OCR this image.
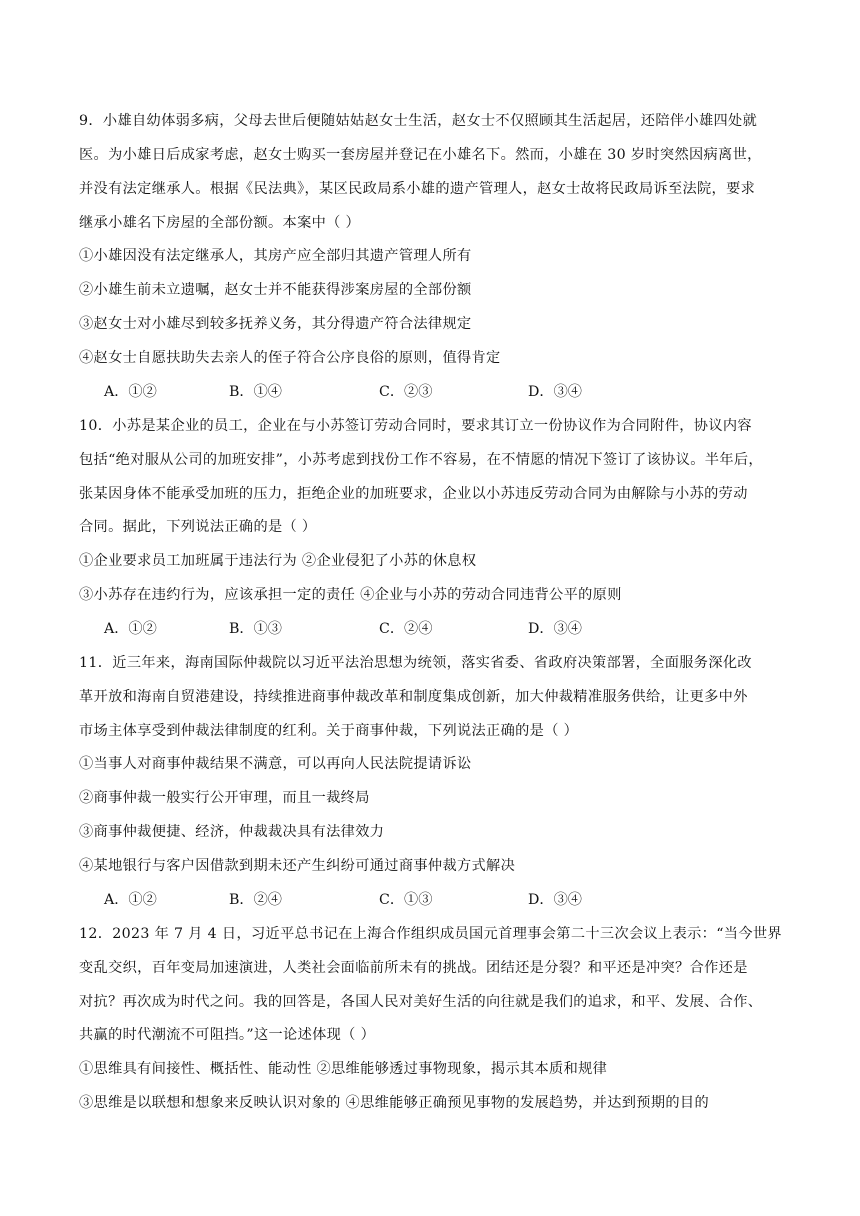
9．小雄自幼体弱多病，父母去世后便随姑姑赵女士生活，赵女士不仅照顾其生活起居，还陪伴小雄四处就
医。为小雄日后成家考虑，赵女士购买一套房屋并登记在小雄名下。然而，小雄在 30 岁时突然因病离世，
并没有法定继承人。根据《民法典》，某区民政局系小雄的遗产管理人，赵女士故将民政局诉至法院，要求
继承小雄名下房屋的全部份额。本案中（ ）
①小雄因没有法定继承人，其房产应全部归其遗产管理人所有
②小雄生前未立遗嘱，赵女士并不能获得涉案房屋的全部份额
③赵女士对小雄尽到较多抚养义务，其分得遗产符合法律规定
④赵女士自愿扶助失去亲人的侄子符合公序良俗的原则，值得肯定
A．①②	B．①④	C．②③	D．③④
10．小苏是某企业的员工，企业在与小苏签订劳动合同时，要求其订立一份协议作为合同附件，协议内容
包括“绝对服从公司的加班安排”，小苏考虑到找份工作不容易，在不情愿的情况下签订了该协议。半年后，
张某因身体不能承受加班的压力，拒绝企业的加班要求，企业以小苏违反劳动合同为由解除与小苏的劳动
合同。据此，下列说法正确的是（ ）
①企业要求员工加班属于违法行为 ②企业侵犯了小苏的休息权
③小苏存在违约行为，应该承担一定的责任 ④企业与小苏的劳动合同违背公平的原则
A．①②	B．①③	C．②④	D．③④
11．近三年来，海南国际仲裁院以习近平法治思想为统领，落实省委、省政府决策部署，全面服务深化改
革开放和海南自贸港建设，持续推进商事仲裁改革和制度集成创新，加大仲裁精准服务供给，让更多中外
市场主体享受到仲裁法律制度的红利。关于商事仲裁，下列说法正确的是（ ）
①当事人对商事仲裁结果不满意，可以再向人民法院提请诉讼
②商事仲裁一般实行公开审理，而且一裁终局
③商事仲裁便捷、经济，仲裁裁决具有法律效力
④某地银行与客户因借款到期未还产生纠纷可通过商事仲裁方式解决
A．①②	B．②④	C．①③	D．③④
12．2023 年 7 月 4 日，习近平总书记在上海合作组织成员国元首理事会第二十三次会议上表示：“当今世界
变乱交织，百年变局加速演进，人类社会面临前所未有的挑战。团结还是分裂？和平还是冲突？合作还是
对抗？再次成为时代之问。我的回答是，各国人民对美好生活的向往就是我们的追求，和平、发展、合作、
共赢的时代潮流不可阻挡。”这一论述体现（ ）
①思维具有间接性、概括性、能动性 ②思维能够透过事物现象，揭示其本质和规律
③思维是以联想和想象来反映认识对象的 ④思维能够正确预见事物的发展趋势，并达到预期的目的
